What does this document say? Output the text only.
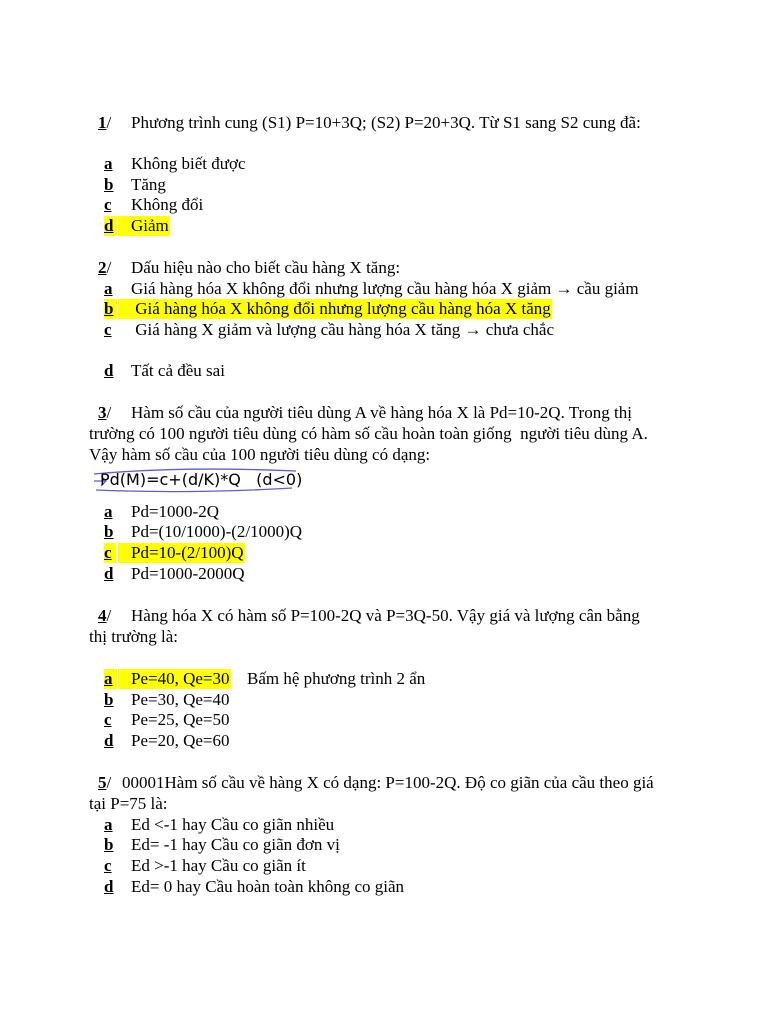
1/ Phương trình cung (S1) P=10+3Q; (S2) P=20+3Q. Từ S1 sang S2 cung đã:
a Không biết được
b Tăng
c Không đổi
d	Giảm
2/ Dấu hiệu nào cho biết cầu hàng X tăng:
a Giá hàng hóa X không đổi nhưng lượng cầu hàng hóa X giảm → cầu giảm
b	Giá hàng hóa X không đổi nhưng lượng cầu hàng hóa X tăng
c Giá hàng X giảm và lượng cầu hàng hóa X tăng → chưa chắc
d Tất cả đều sai
3/ Hàm số cầu của người tiêu dùng A về hàng hóa X là Pd=10-2Q. Trong thị
trường có 100 người tiêu dùng có hàm số cầu hoàn toàn giống  người tiêu dùng A.
Vậy hàm số cầu của 100 người tiêu dùng có dạng:
Pd(M)=c+(d/K)*Q   (d<0)
a Pd=1000-2Q
b Pd=(10/1000)-(2/1000)Q
c	Pd=10-(2/100)Q
d Pd=1000-2000Q
4/ Hàng hóa X có hàm số P=100-2Q và P=3Q-50. Vậy giá và lượng cân bằng
thị trường là:
a	Pe=40, Qe=30 Bấm hệ phương trình 2 ẩn
b Pe=30, Qe=40
c Pe=25, Qe=50
d Pe=20, Qe=60
5/ 00001Hàm số cầu về hàng X có dạng: P=100-2Q. Độ co giãn của cầu theo giá
tại P=75 là:
a Ed <-1 hay Cầu co giãn nhiều
b Ed= -1 hay Cầu co giãn đơn vị
c Ed >-1 hay Cầu co giãn ít
d Ed= 0 hay Cầu hoàn toàn không co giãn
